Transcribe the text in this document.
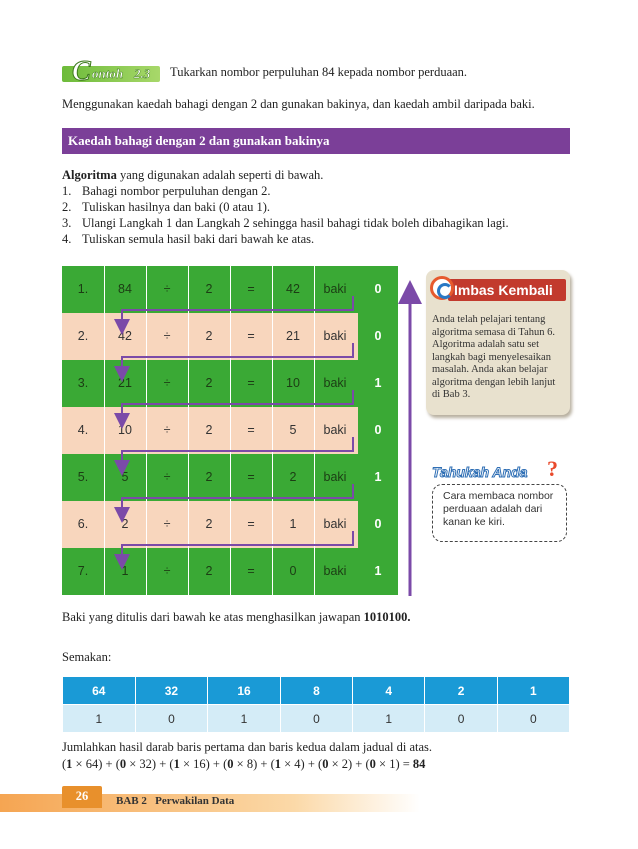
C ontoh 2.3 Tukarkan nombor perpuluhan 84 kepada nombor perduaan.
Menggunakan kaedah bahagi dengan 2 dan gunakan bakinya, dan kaedah ambil daripada baki.
Kaedah bahagi dengan 2 dan gunakan bakinya
Algoritma yang digunakan adalah seperti di bawah.
1. Bahagi nombor perpuluhan dengan 2.
2. Tuliskan hasilnya dan baki (0 atau 1).
3. Ulangi Langkah 1 dan Langkah 2 sehingga hasil bahagi tidak boleh dibahagikan lagi.
4. Tuliskan semula hasil baki dari bawah ke atas.
1.	84	÷	2	=	42	baki	0
2.	42	÷	2	=	21	baki	0
3.	21	÷	2	=	10	baki	1
4.	10	÷	2	=	5	baki	0
5.	5	÷	2	=	2	baki	1
6.	2	÷	2	=	1	baki	0
7.	1	÷	2	=	0	baki	1
Imbas Kembali
Anda telah pelajari tentang algoritma semasa di Tahun 6. Algoritma adalah satu set langkah bagi menyelesaikan masalah. Anda akan belajar algoritma dengan lebih lanjut di Bab 3.
Tahukah Anda ?
Cara membaca nombor perduaan adalah dari kanan ke kiri.
Baki yang ditulis dari bawah ke atas menghasilkan jawapan 1010100.
Semakan:
64	32	16	8	4	2	1
1	0	1	0	1	0	0
Jumlahkan hasil darab baris pertama dan baris kedua dalam jadual di atas.
(1 × 64) + (0 × 32) + (1 × 16) + (0 × 8) + (1 × 4) + (0 × 2) + (0 × 1) = 84
26	BAB 2   Perwakilan Data
